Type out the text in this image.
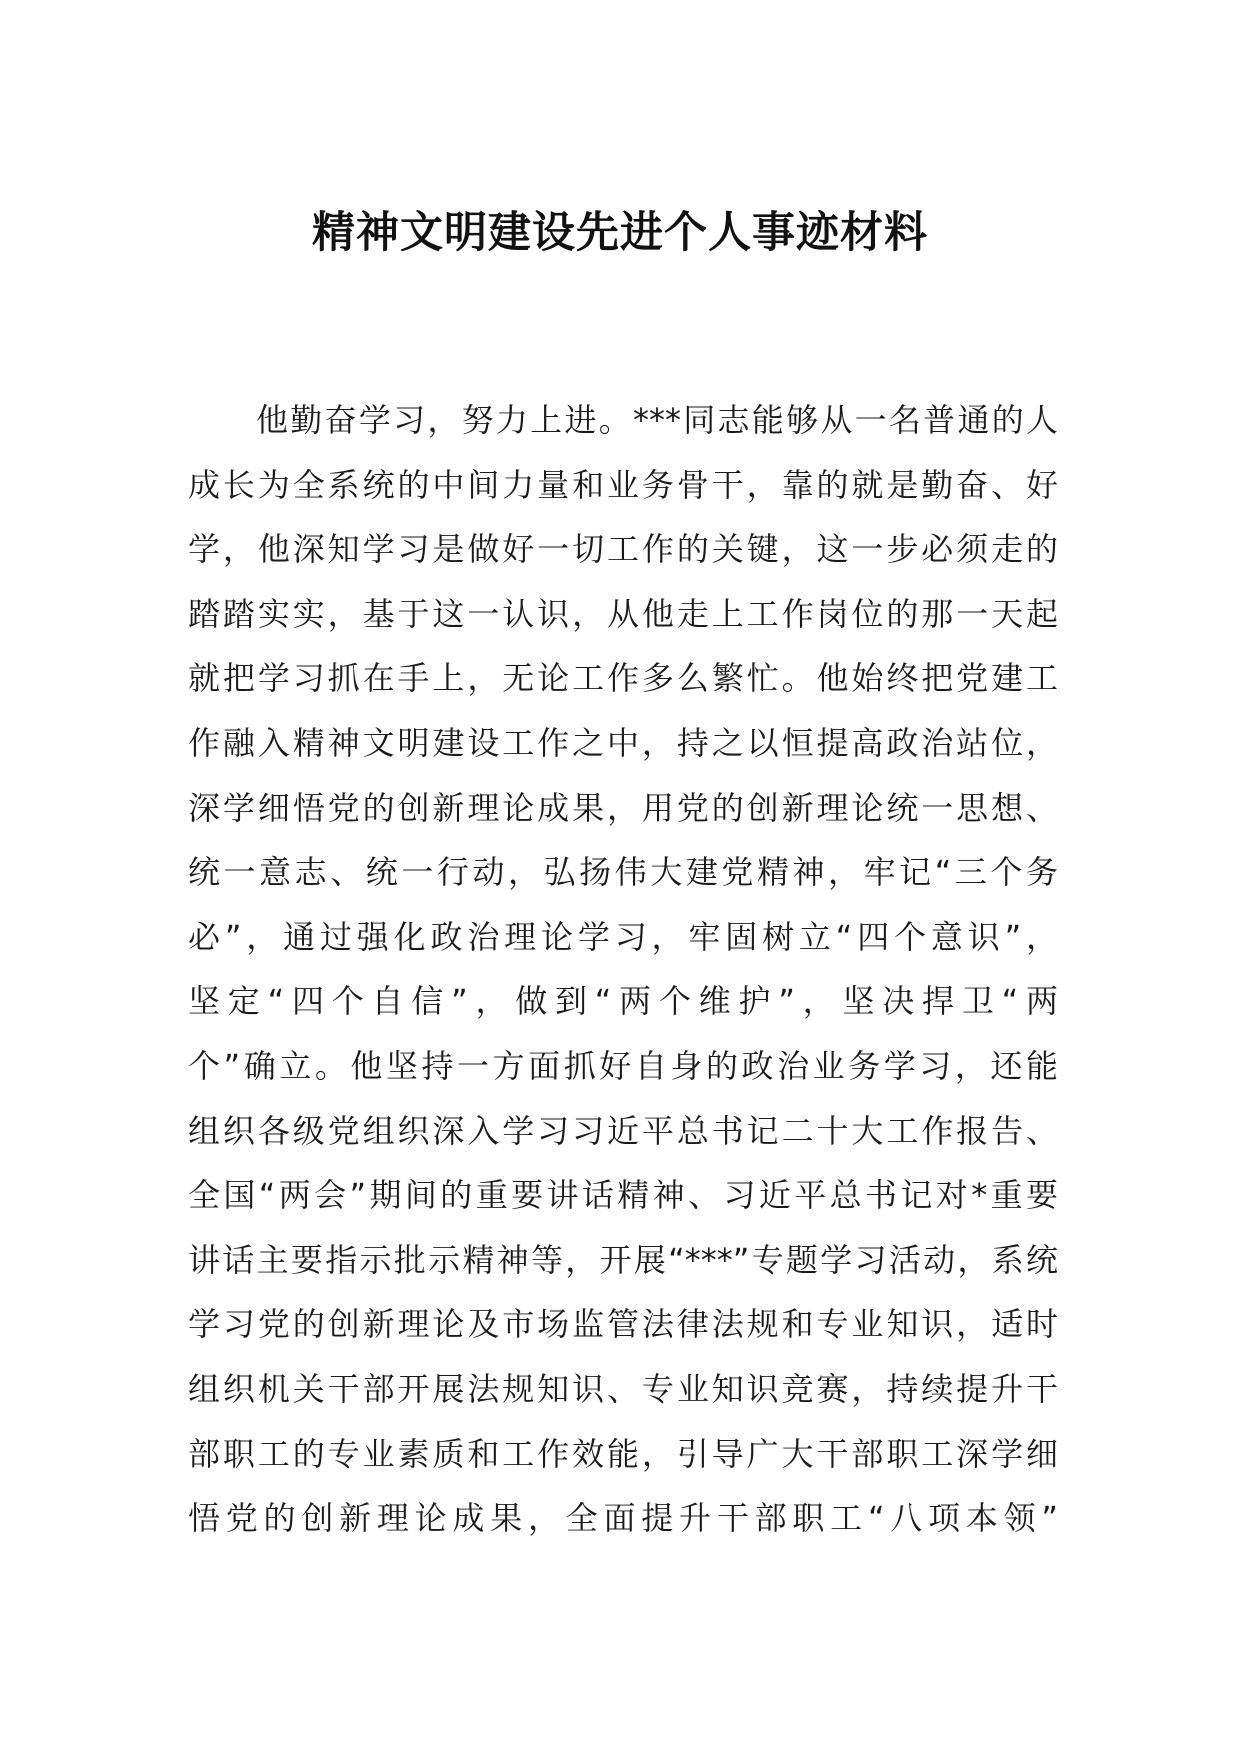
精神文明建设先进个人事迹材料
他勤奋学习，努力上进。***同志能够从一名普通的人
成长为全系统的中间力量和业务骨干，靠的就是勤奋、好
学，他深知学习是做好一切工作的关键，这一步必须走的
踏踏实实，基于这一认识，从他走上工作岗位的那一天起
就把学习抓在手上，无论工作多么繁忙。他始终把党建工
作融入精神文明建设工作之中，持之以恒提高政治站位，
深学细悟党的创新理论成果，用党的创新理论统一思想、
统一意志、统一行动，弘扬伟大建党精神，牢记“三个务
必”，通过强化政治理论学习，牢固树立“四个意识”，
坚定“四个自信”，做到“两个维护”，坚决捍卫“两
个”确立。他坚持一方面抓好自身的政治业务学习，还能
组织各级党组织深入学习习近平总书记二十大工作报告、
全国“两会”期间的重要讲话精神、习近平总书记对*重要
讲话主要指示批示精神等，开展“***”专题学习活动，系统
学习党的创新理论及市场监管法律法规和专业知识，适时
组织机关干部开展法规知识、专业知识竞赛，持续提升干
部职工的专业素质和工作效能，引导广大干部职工深学细
悟党的创新理论成果，全面提升干部职工“八项本领”
